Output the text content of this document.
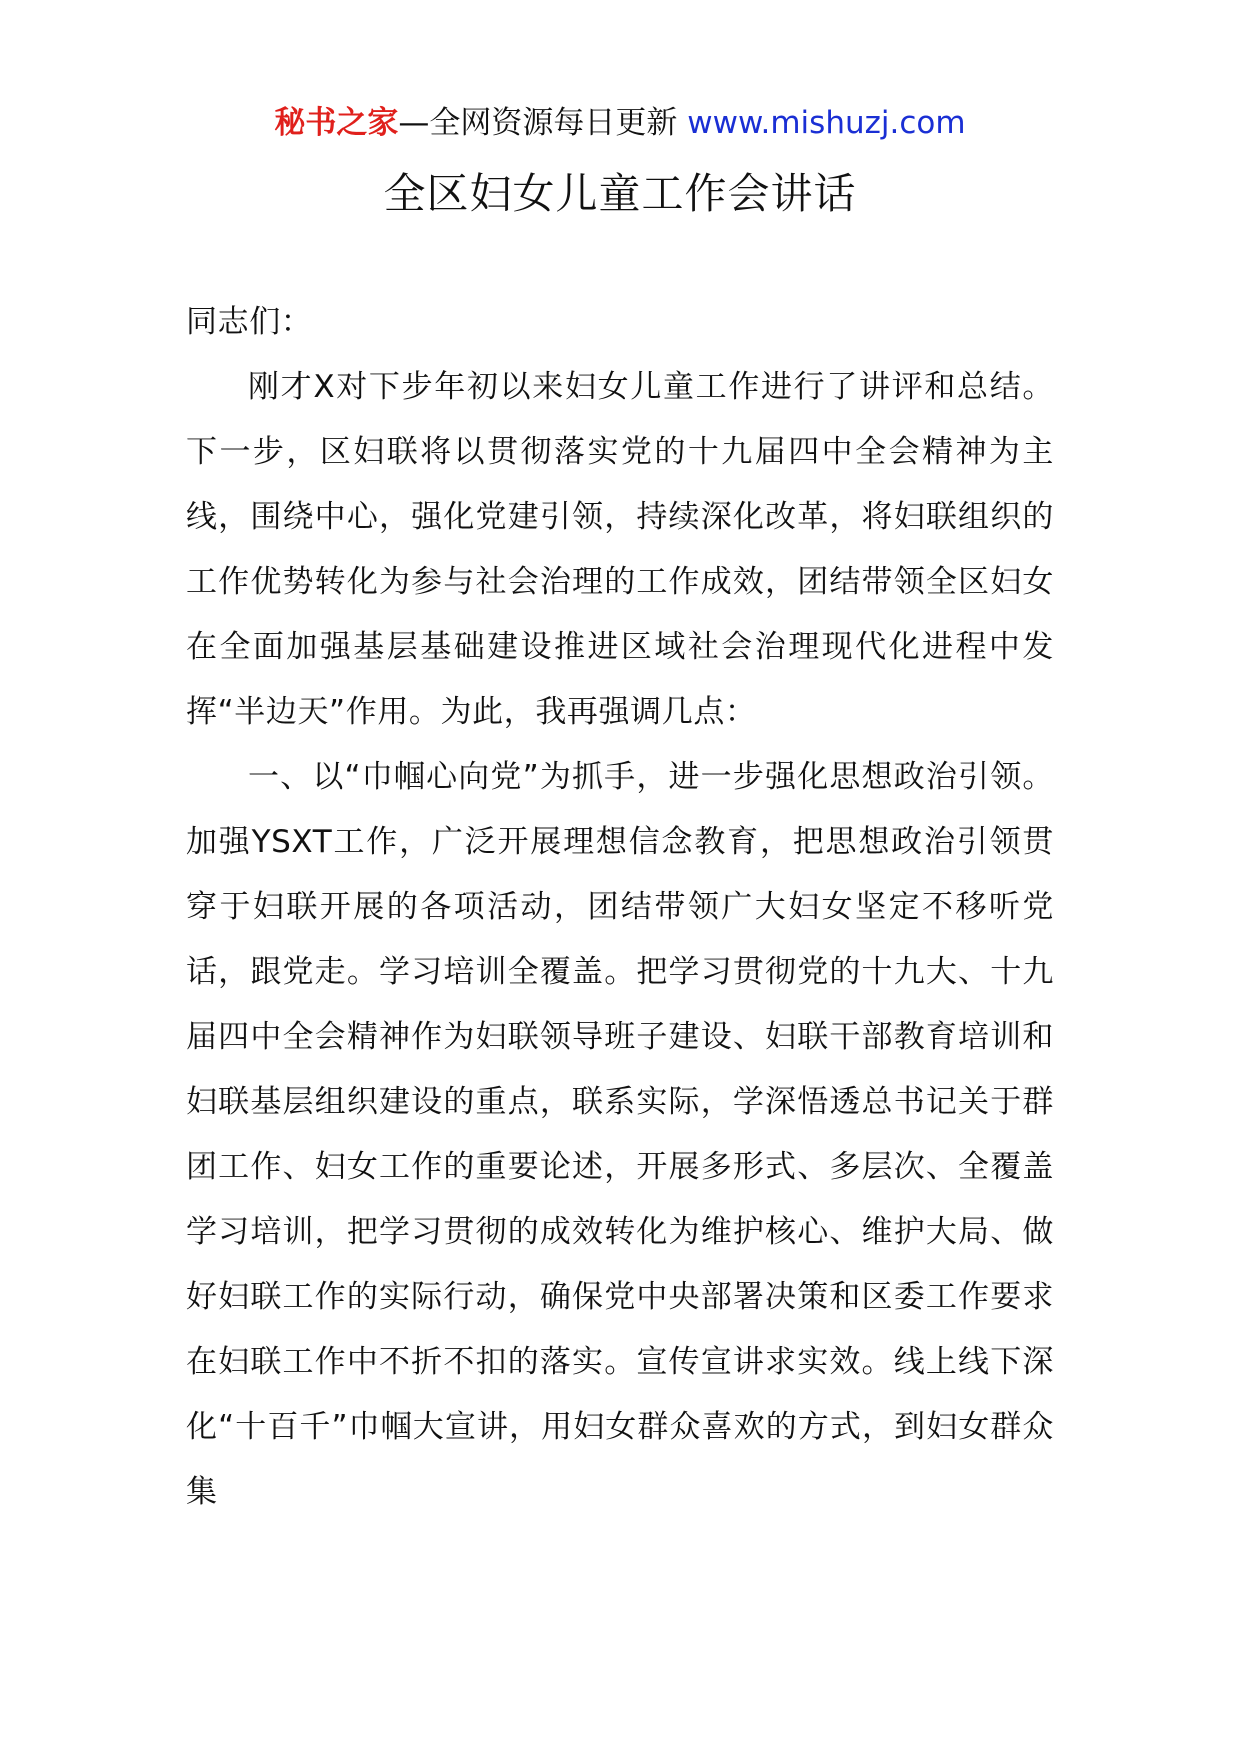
秘书之家—全网资源每日更新 www.mishuzj.com
全区妇女儿童工作会讲话

同志们：

刚才X对下步年初以来妇女儿童工作进行了讲评和总结。下一步，区妇联将以贯彻落实党的十九届四中全会精神为主线，围绕中心，强化党建引领，持续深化改革，将妇联组织的工作优势转化为参与社会治理的工作成效，团结带领全区妇女在全面加强基层基础建设推进区域社会治理现代化进程中发挥“半边天”作用。为此，我再强调几点：

一、以“巾帼心向党”为抓手，进一步强化思想政治引领。加强YSXT工作，广泛开展理想信念教育，把思想政治引领贯穿于妇联开展的各项活动，团结带领广大妇女坚定不移听党话，跟党走。学习培训全覆盖。把学习贯彻党的十九大、十九届四中全会精神作为妇联领导班子建设、妇联干部教育培训和妇联基层组织建设的重点，联系实际，学深悟透总书记关于群团工作、妇女工作的重要论述，开展多形式、多层次、全覆盖学习培训，把学习贯彻的成效转化为维护核心、维护大局、做好妇联工作的实际行动，确保党中央部署决策和区委工作要求在妇联工作中不折不扣的落实。宣传宣讲求实效。线上线下深化“十百千”巾帼大宣讲，用妇女群众喜欢的方式，到妇女群众集
